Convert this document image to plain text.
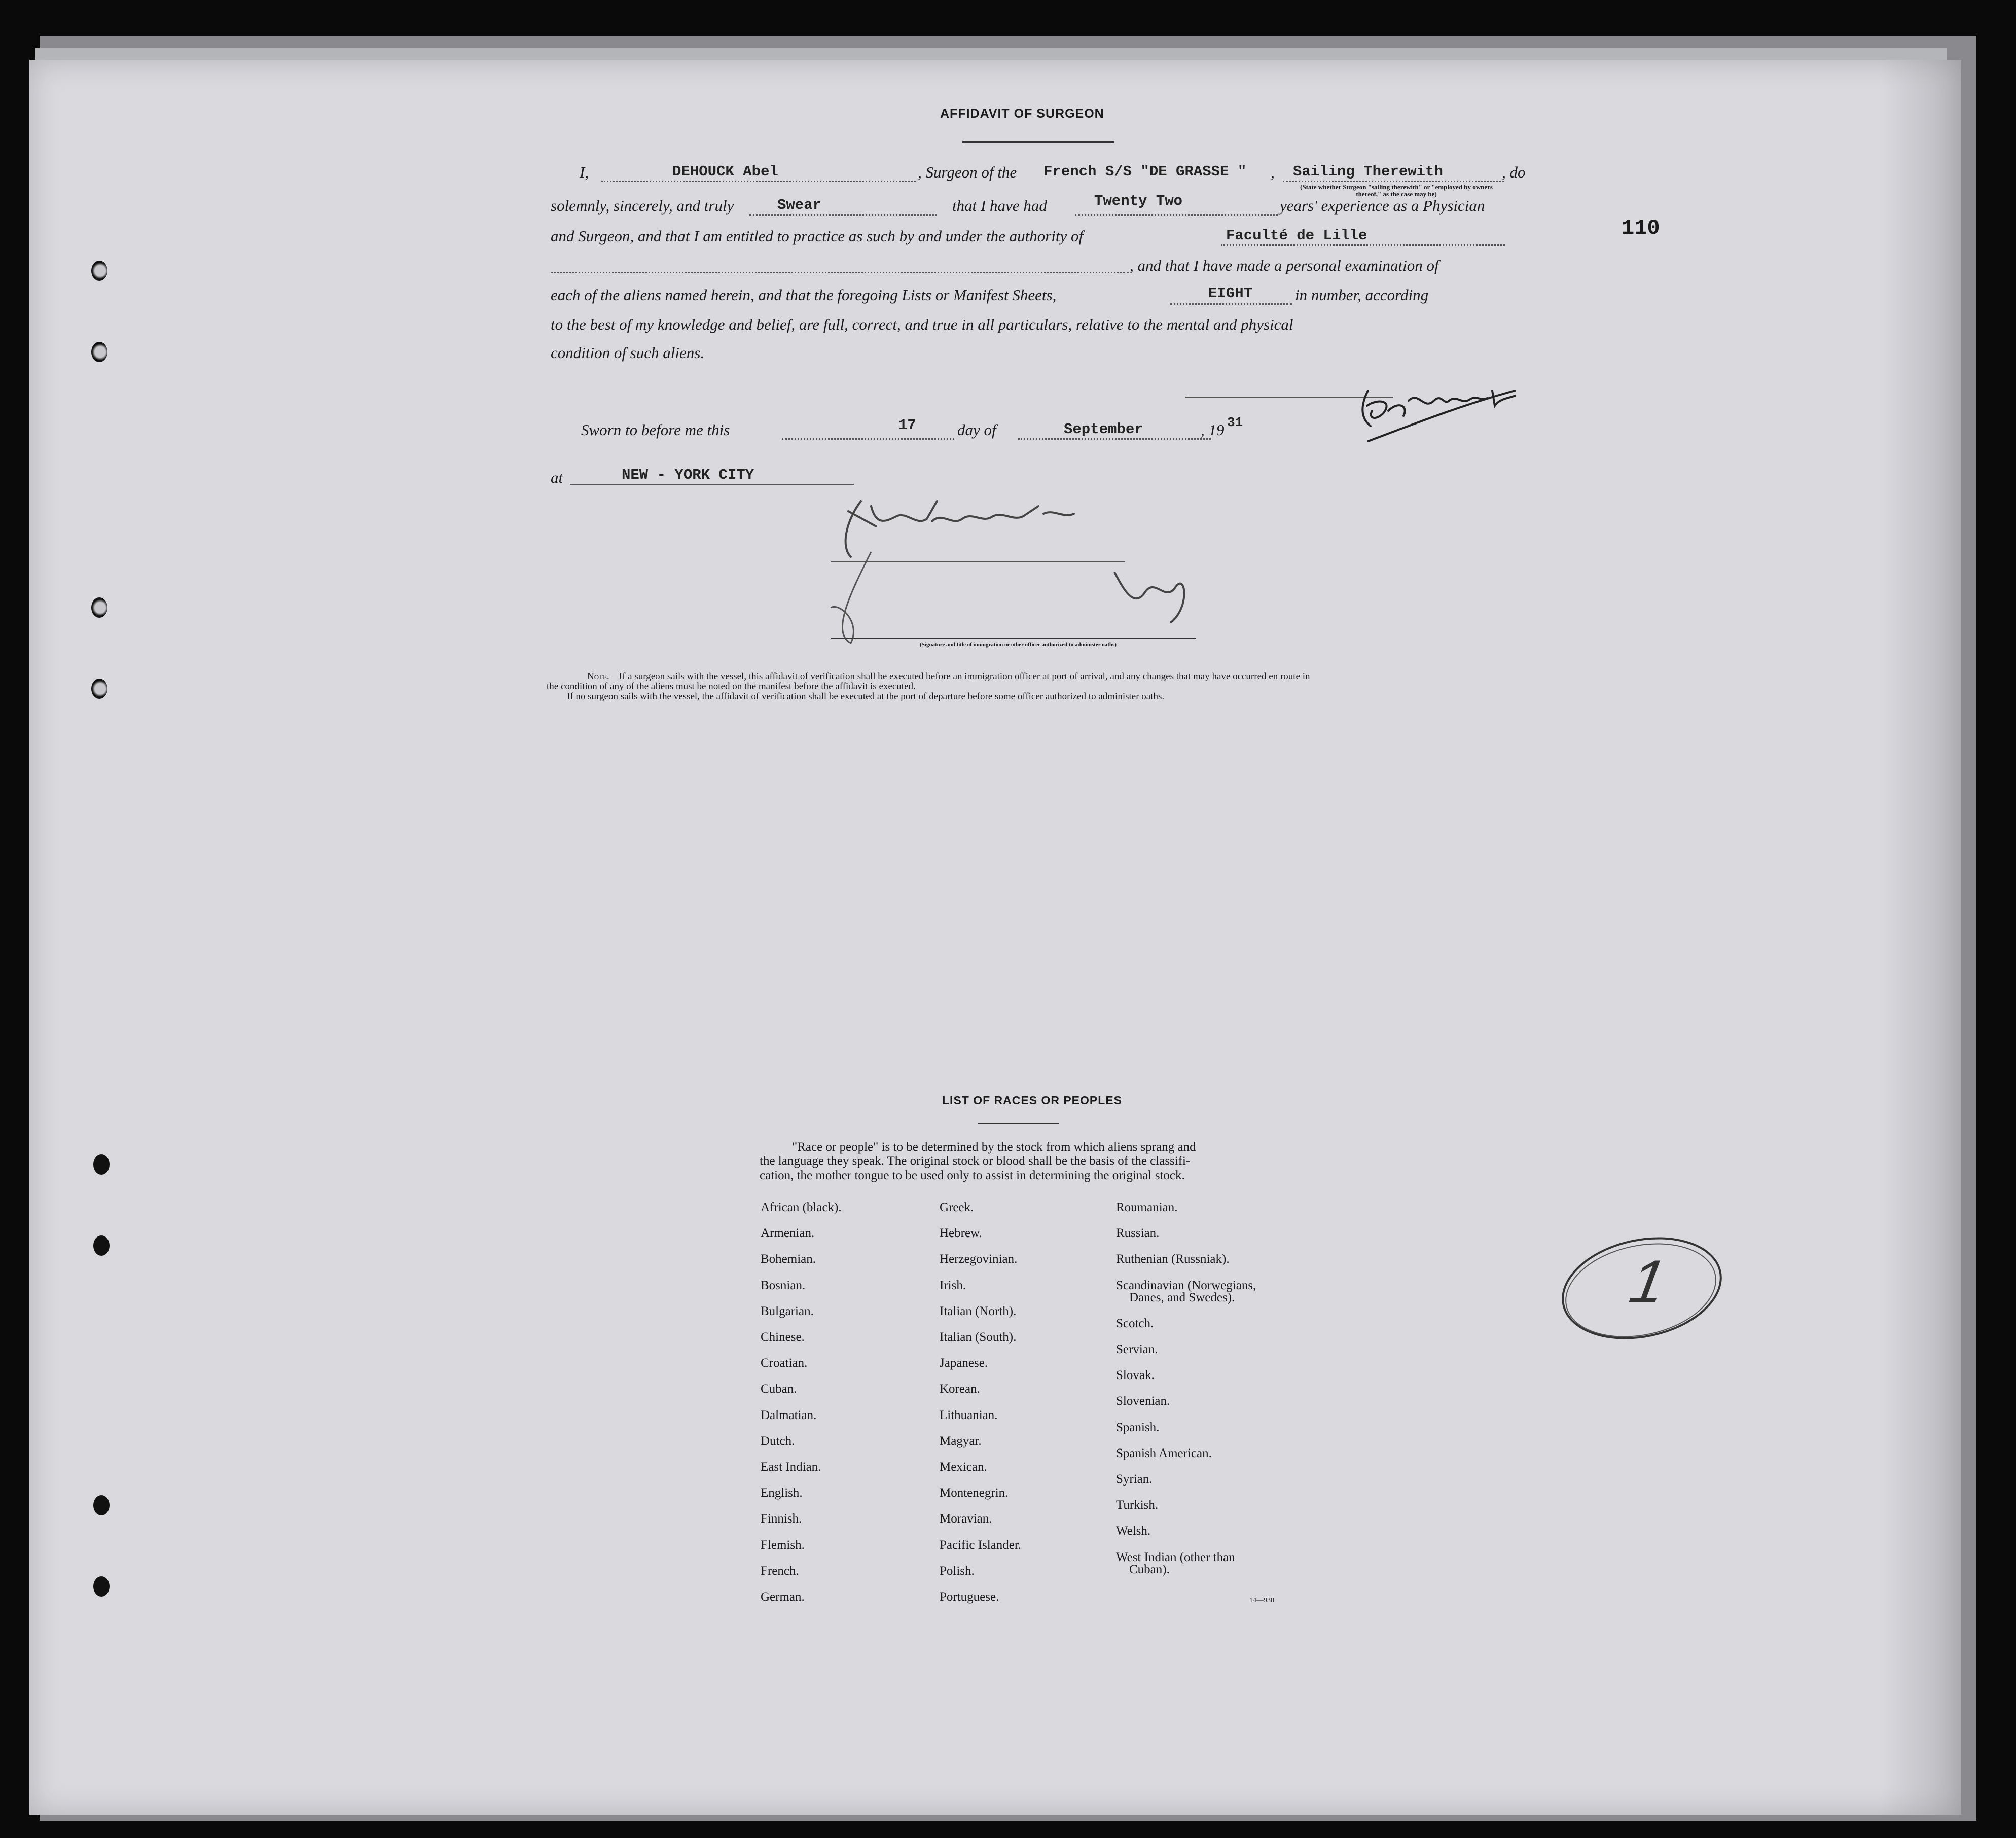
110
AFFIDAVIT OF SURGEON
I,	DEHOUCK Abel	, Surgeon of the French S/S "DE GRASSE " , Sailing Therewith	, do
(State whether Surgeon "sailing therewith" or "employed by owners thereof," as the case may be)
solemnly, sincerely, and truly	Swear	that I have had	Twenty Two	years' experience as a Physician
and Surgeon, and that I am entitled to practice as such by and under the authority of	Faculté de Lille
, and that I have made a personal examination of
each of the aliens named herein, and that the foregoing Lists or Manifest Sheets,	EIGHT	in number, according
to the best of my knowledge and belief, are full, correct, and true in all particulars, relative to the mental and physical
condition of such aliens.
Sworn to before me this	17	day of	September	, 19 31
at	NEW - YORK CITY
(Signature and title of immigration or other officer authorized to administer oaths)
Note.—If a surgeon sails with the vessel, this affidavit of verification shall be executed before an immigration officer at port of arrival, and any changes that may have occurred en route in
the condition of any of the aliens must be noted on the manifest before the affidavit is executed.
If no surgeon sails with the vessel, the affidavit of verification shall be executed at the port of departure before some officer authorized to administer oaths.
LIST OF RACES OR PEOPLES
"Race or people" is to be determined by the stock from which aliens sprang and
the language they speak. The original stock or blood shall be the basis of the classifi-
cation, the mother tongue to be used only to assist in determining the original stock.
African (black).
Armenian.
Bohemian.
Bosnian.
Bulgarian.
Chinese.
Croatian.
Cuban.
Dalmatian.
Dutch.
East Indian.
English.
Finnish.
Flemish.
French.
German.
Greek.
Hebrew.
Herzegovinian.
Irish.
Italian (North).
Italian (South).
Japanese.
Korean.
Lithuanian.
Magyar.
Mexican.
Montenegrin.
Moravian.
Pacific Islander.
Polish.
Portuguese.
Roumanian.
Russian.
Ruthenian (Russniak).
Scandinavian (Norwegians,
Danes, and Swedes).
Scotch.
Servian.
Slovak.
Slovenian.
Spanish.
Spanish American.
Syrian.
Turkish.
Welsh.
West Indian (other than
Cuban).
14—930
1
